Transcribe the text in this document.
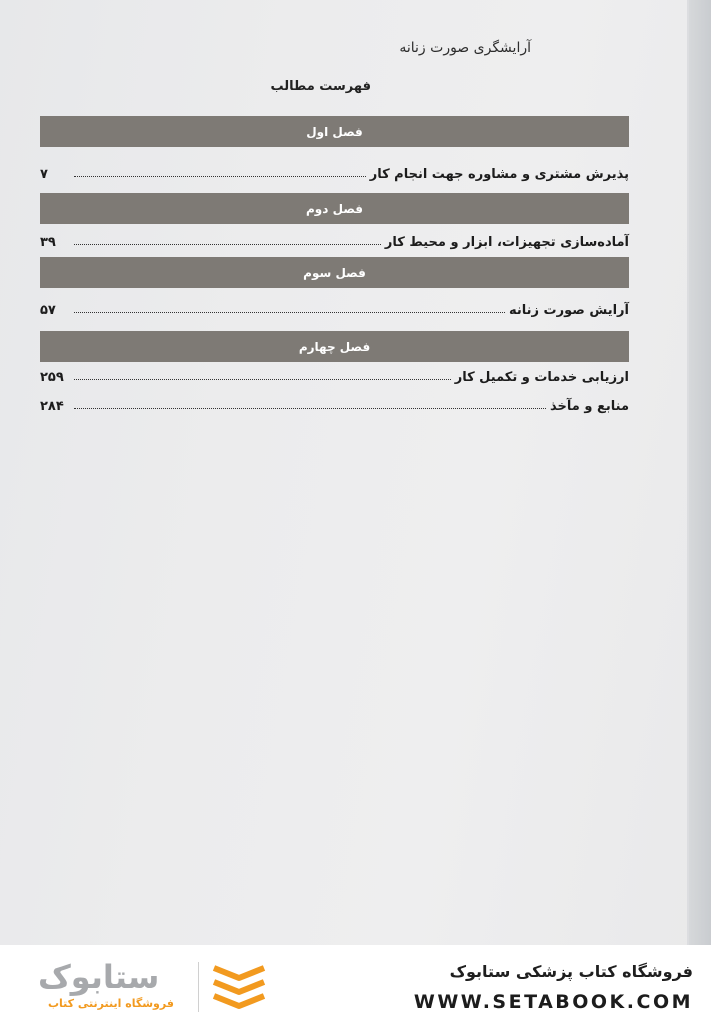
آرایشگری صورت زنانه
فهرست مطالب
فصل اول
پذیرش مشتری و مشاوره جهت انجام کار
۷
فصل دوم
آماده‌سازی تجهیزات، ابزار و محیط کار
۳۹
فصل سوم
آرایش صورت زنانه
۵۷
فصل چهارم
ارزیابی خدمات و تکمیل کار
۲۵۹
منابع و مآخذ
۲۸۴
فروشگاه کتاب پزشکی ستابوک
WWW.SETABOOK.COM
ستابوک
فروشگاه اینترنتی کتاب
